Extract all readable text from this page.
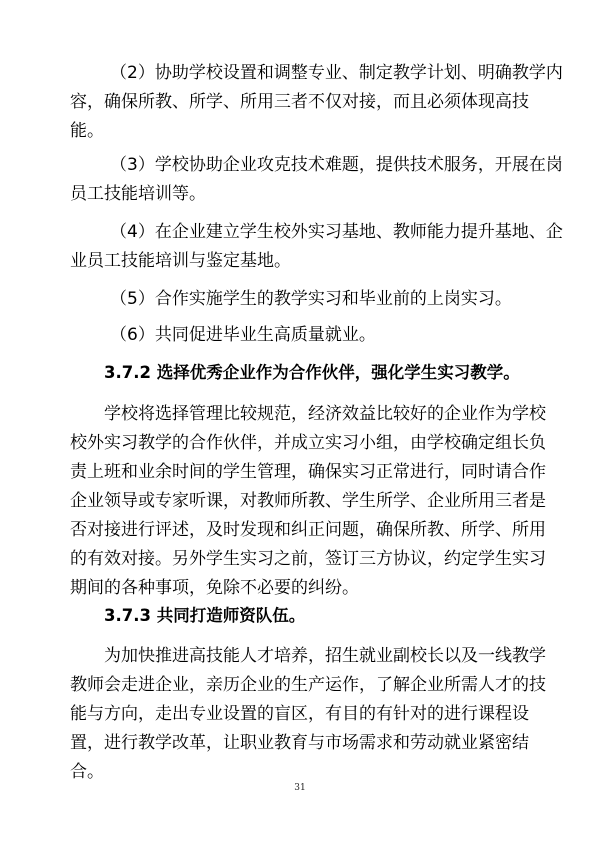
（2）协助学校设置和调整专业、制定教学计划、明确教学内
容，确保所教、所学、所用三者不仅对接，而且必须体现高技
能。
（3）学校协助企业攻克技术难题，提供技术服务，开展在岗
员工技能培训等。
（4）在企业建立学生校外实习基地、教师能力提升基地、企
业员工技能培训与鉴定基地。
（5）合作实施学生的教学实习和毕业前的上岗实习。
（6）共同促进毕业生高质量就业。
3.7.2 选择优秀企业作为合作伙伴，强化学生实习教学。
学校将选择管理比较规范，经济效益比较好的企业作为学校
校外实习教学的合作伙伴，并成立实习小组，由学校确定组长负
责上班和业余时间的学生管理，确保实习正常进行，同时请合作
企业领导或专家听课，对教师所教、学生所学、企业所用三者是
否对接进行评述，及时发现和纠正问题，确保所教、所学、所用
的有效对接。另外学生实习之前，签订三方协议，约定学生实习
期间的各种事项，免除不必要的纠纷。
3.7.3 共同打造师资队伍。
为加快推进高技能人才培养，招生就业副校长以及一线教学
教师会走进企业，亲历企业的生产运作，了解企业所需人才的技
能与方向，走出专业设置的盲区，有目的有针对的进行课程设
置，进行教学改革，让职业教育与市场需求和劳动就业紧密结
合。
31
